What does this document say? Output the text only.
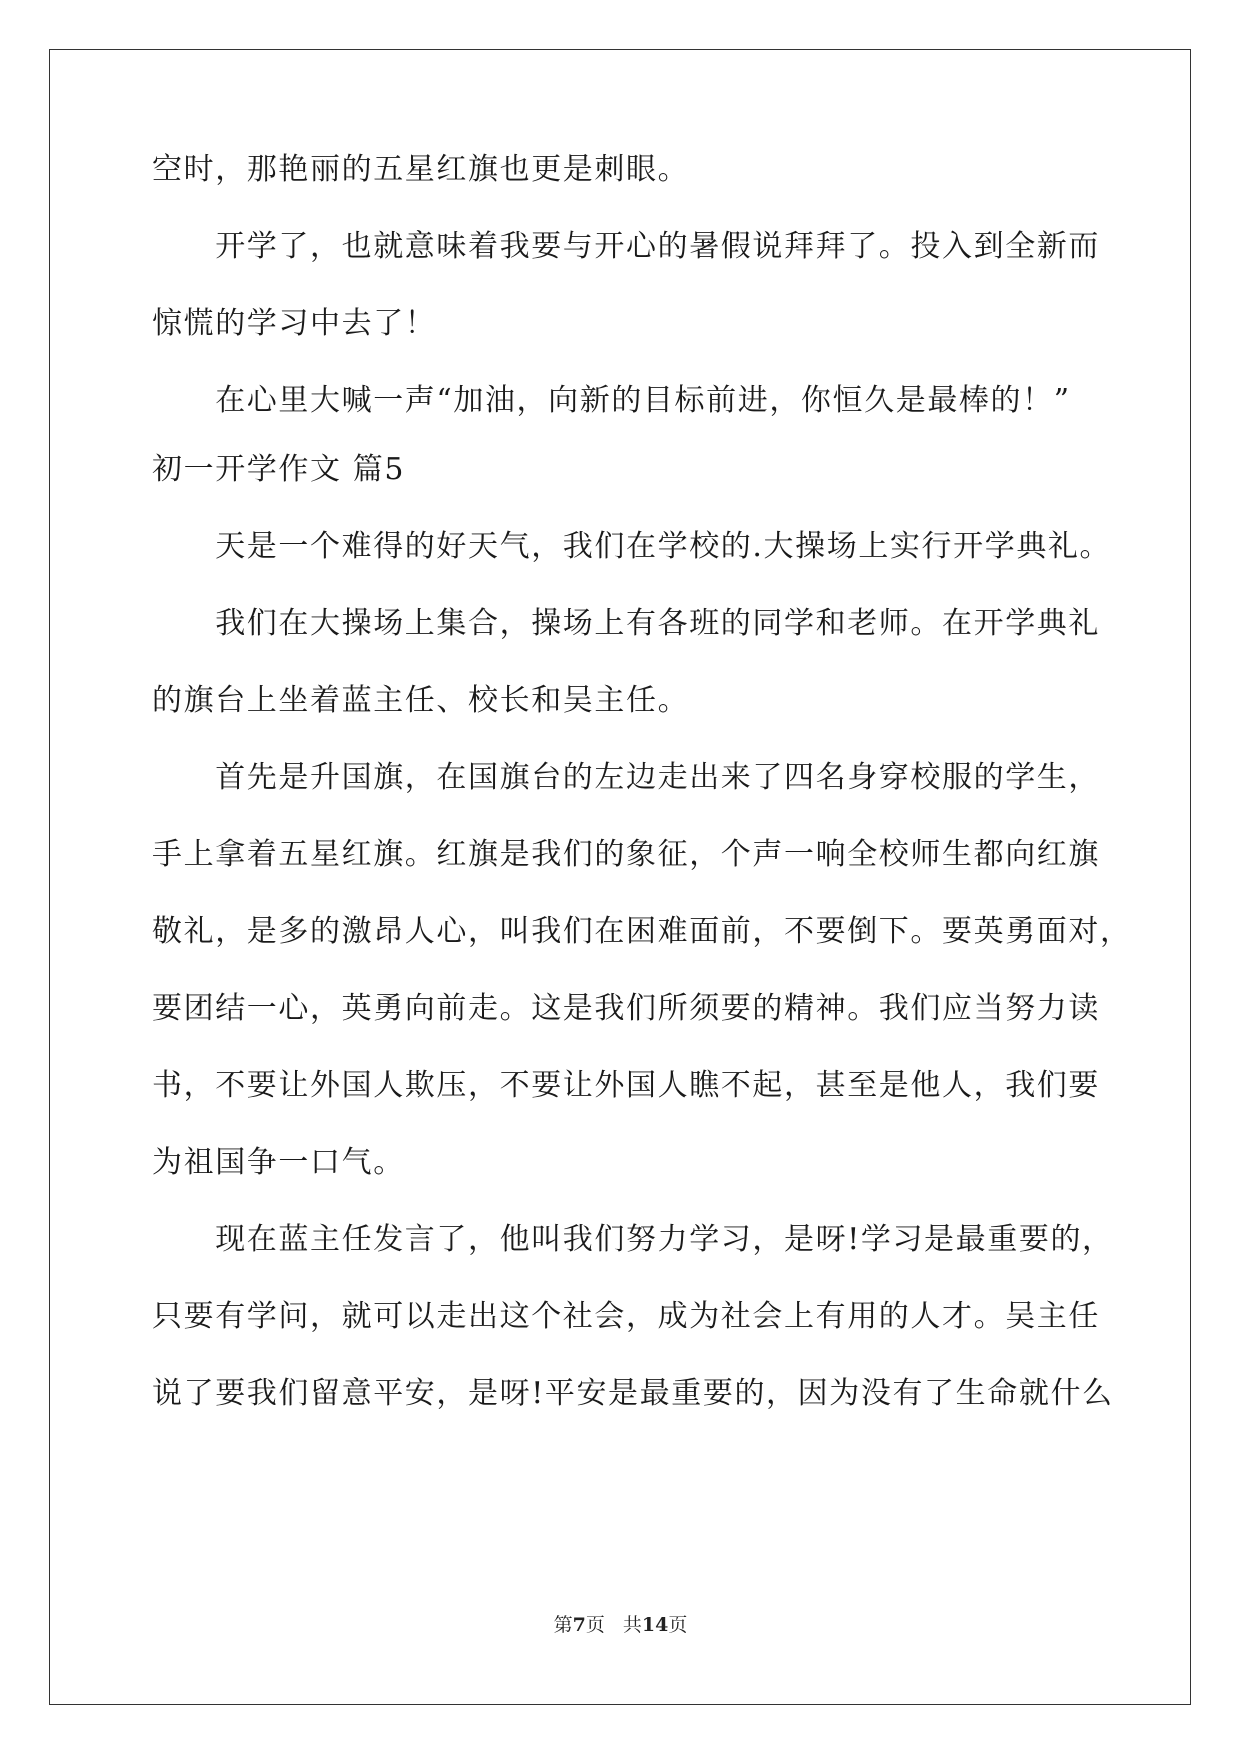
空时，那艳丽的五星红旗也更是刺眼。

　　开学了，也就意味着我要与开心的暑假说拜拜了。投入到全新而

惊慌的学习中去了！

　　在心里大喊一声“加油，向新的目标前进，你恒久是最棒的！”

初一开学作文 篇5

　　天是一个难得的好天气，我们在学校的.大操场上实行开学典礼。

　　我们在大操场上集合，操场上有各班的同学和老师。在开学典礼

的旗台上坐着蓝主任、校长和吴主任。

　　首先是升国旗，在国旗台的左边走出来了四名身穿校服的学生，

手上拿着五星红旗。红旗是我们的象征，个声一响全校师生都向红旗

敬礼，是多的激昂人心，叫我们在困难面前，不要倒下。要英勇面对，

要团结一心，英勇向前走。这是我们所须要的精神。我们应当努力读

书，不要让外国人欺压，不要让外国人瞧不起，甚至是他人，我们要

为祖国争一口气。

　　现在蓝主任发言了，他叫我们努力学习，是呀!学习是最重要的，

只要有学问，就可以走出这个社会，成为社会上有用的人才。吴主任

说了要我们留意平安，是呀!平安是最重要的，因为没有了生命就什么

第7页 共14页
